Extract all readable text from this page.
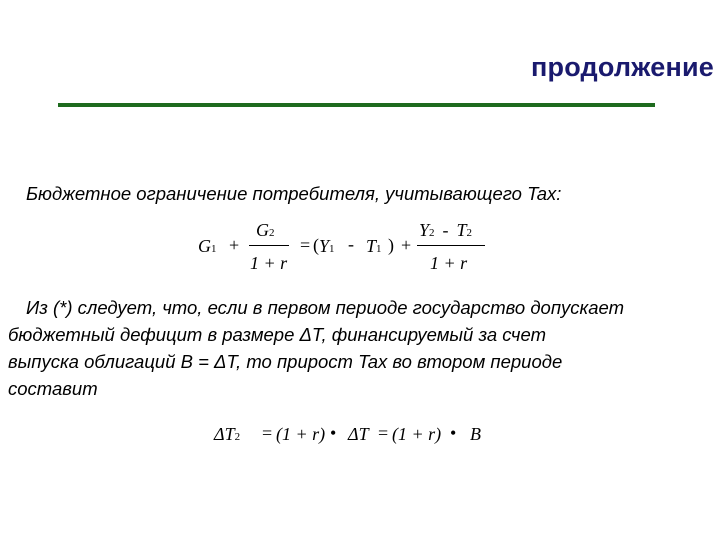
продолжение
Бюджетное ограничение потребителя, учитывающего Tax:
G1 +
G2
1 + r
= ( Y1 - T1 ) +
Y2 - T2
1 + r
Из (*) следует, что, если в первом периоде государство допускает
бюджетный дефицит в размере ΔT, финансируемый за счет
выпуска облигаций B = ΔT, то прирост Tax во втором периоде
составит
ΔT2 = (1 + r) • ΔT = (1 + r) • B
